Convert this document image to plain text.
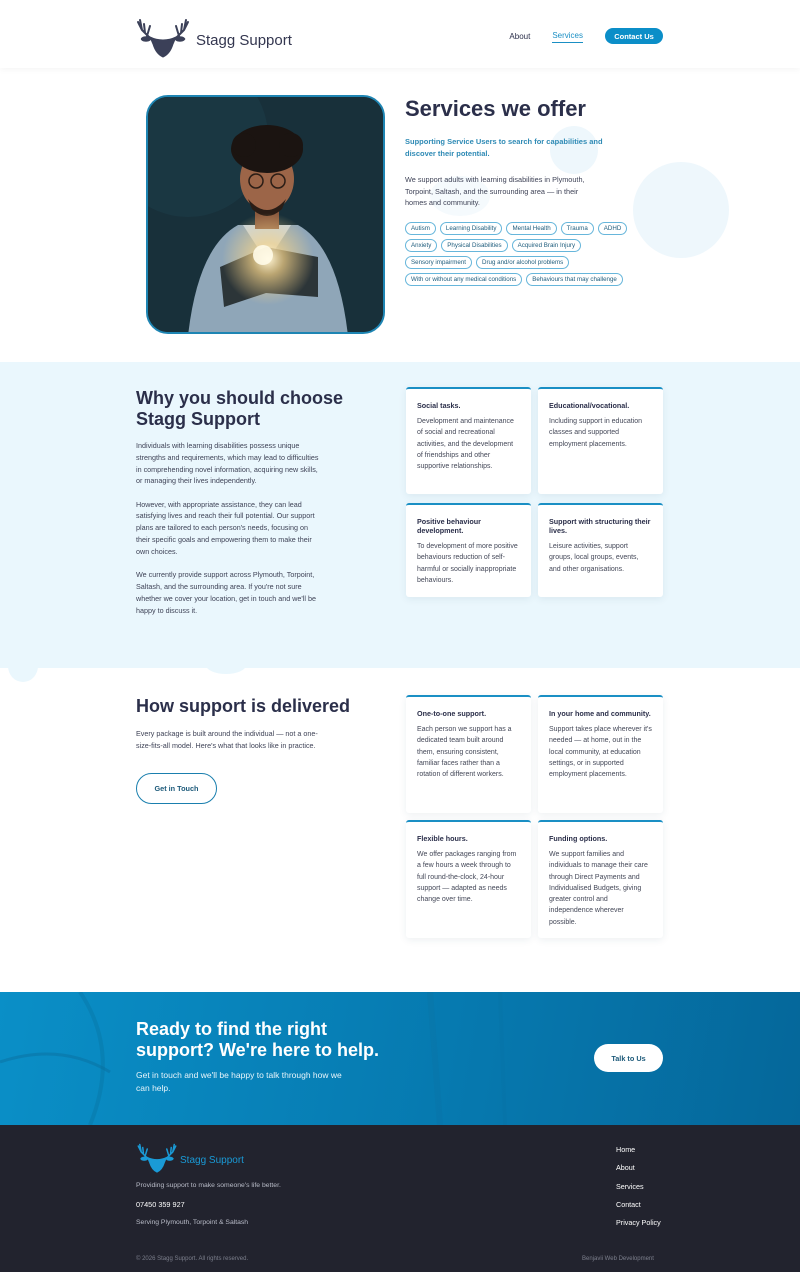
Stagg Support	About	Services	Contact Us
Services we offer
Supporting Service Users to search for capabilities and discover their potential.
We support adults with learning disabilities in Plymouth, Torpoint, Saltash, and the surrounding area — in their homes and community.
Autism	Learning Disability	Mental Health	Trauma	ADHD
Anxiety	Physical Disabilities	Acquired Brain Injury
Sensory impairment	Drug and/or alcohol problems
With or without any medical conditions	Behaviours that may challenge
Why you should choose Stagg Support

Individuals with learning disabilities possess unique strengths and requirements, which may lead to difficulties in comprehending novel information, acquiring new skills, or managing their lives independently.

However, with appropriate assistance, they can lead satisfying lives and reach their full potential. Our support plans are tailored to each person's needs, focusing on their specific goals and empowering them to make their own choices.

We currently provide support across Plymouth, Torpoint, Saltash, and the surrounding area. If you're not sure whether we cover your location, get in touch and we'll be happy to discuss it.

Social tasks.
Development and maintenance of social and recreational activities, and the development of friendships and other supportive relationships.
Educational/vocational.
Including support in education classes and supported employment placements.
Positive behaviour development.
To development of more positive behaviours reduction of self-harmful or socially inappropriate behaviours.
Support with structuring their lives.
Leisure activities, support groups, local groups, events, and other organisations.
How support is delivered
Every package is built around the individual — not a one-size-fits-all model. Here's what that looks like in practice.
Get in Touch
One-to-one support.
Each person we support has a dedicated team built around them, ensuring consistent, familiar faces rather than a rotation of different workers.
In your home and community.
Support takes place wherever it's needed — at home, out in the local community, at education settings, or in supported employment placements.
Flexible hours.
We offer packages ranging from a few hours a week through to full round-the-clock, 24-hour support — adapted as needs change over time.
Funding options.
We support families and individuals to manage their care through Direct Payments and Individualised Budgets, giving greater control and independence wherever possible.
Ready to find the right support? We're here to help.
Get in touch and we'll be happy to talk through how we can help.
Talk to Us
Stagg Support
Providing support to make someone's life better.
07450 359 927
Serving Plymouth, Torpoint & Saltash
Home
About
Services
Contact
Privacy Policy
© 2026 Stagg Support. All rights reserved.	Benjavii Web Development
